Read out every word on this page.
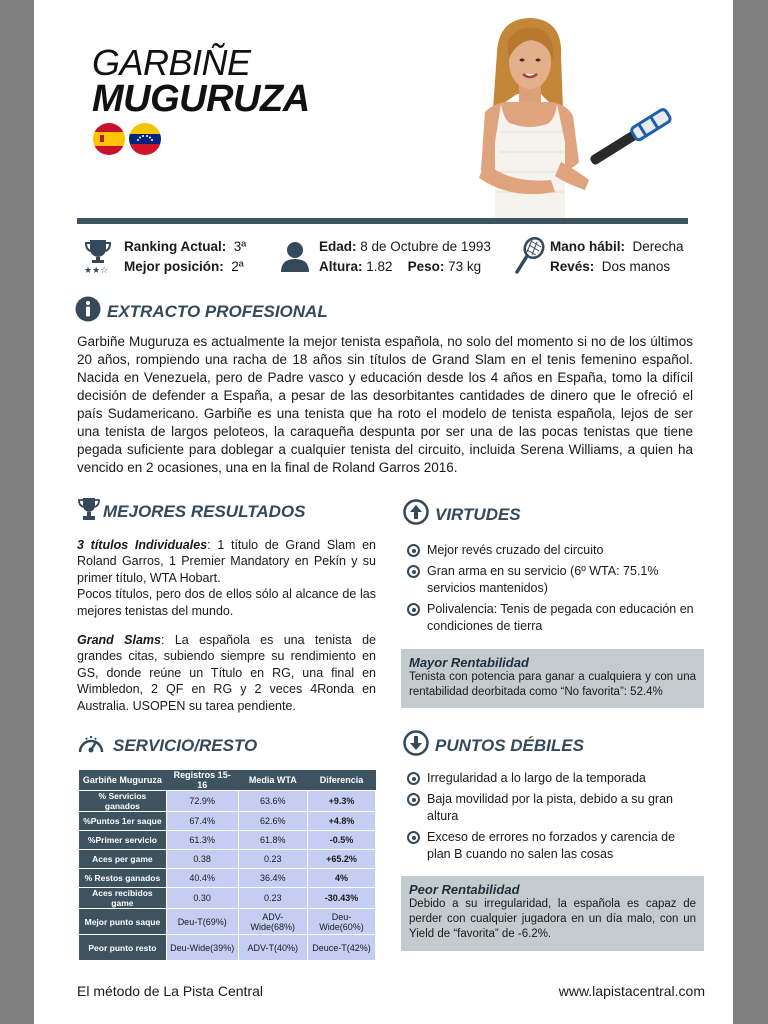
GARBIÑE
MUGURUZA
★★☆
Ranking Actual: 3ª
Mejor posición: 2ª
Edad: 8 de Octubre de 1993
Altura: 1.82 Peso: 73 kg
Mano hábil: Derecha
Revés: Dos manos
EXTRACTO PROFESIONAL
Garbiñe Muguruza es actualmente la mejor tenista española, no solo del momento si no de los últimos 20 años, rompiendo una racha de 18 años sin títulos de Grand Slam en el tenis femenino español. Nacida en Venezuela, pero de Padre vasco y educación desde los 4 años en España, tomo la difícil decisión de defender a España, a pesar de las desorbitantes cantidades de dinero que le ofreció el país Sudamericano. Garbiñe es una tenista que ha roto el modelo de tenista española, lejos de ser una tenista de largos peloteos, la caraqueña despunta por ser una de las pocas tenistas que tiene pegada suficiente para doblegar a cualquier tenista del circuito, incluida Serena Williams, a quien ha vencido en 2 ocasiones, una en la final de Roland Garros 2016.
MEJORES RESULTADOS
3 títulos Individuales: 1 título de Grand Slam en Roland Garros, 1 Premier Mandatory en Pekín y su primer título, WTA Hobart.
Pocos títulos, pero dos de ellos sólo al alcance de las mejores tenistas del mundo.
Grand Slams: La española es una tenista de grandes citas, subiendo siempre su rendimiento en GS, donde reúne un Título en RG, una final en Wimbledon, 2 QF en RG y 2 veces 4Ronda en Australia. USOPEN su tarea pendiente.
VIRTUDES
Mejor revés cruzado del circuito
Gran arma en su servicio (6º WTA: 75.1% servicios mantenidos)
Polivalencia: Tenis de pegada con educación en condiciones de tierra
Mayor Rentabilidad
Tenista con potencia para ganar a cualquiera y con una rentabilidad deorbitada como “No favorita”: 52.4%
SERVICIO/RESTO
Garbiñe Muguruza	Registros 15-16	Media WTA	Diferencia
% Servicios ganados	72.9%	63.6%	+9.3%
%Puntos 1er saque	67.4%	62.6%	+4.8%
%Primer servicio	61.3%	61.8%	-0.5%
Aces per game	0.38	0.23	+65.2%
% Restos ganados	40.4%	36.4%	4%
Aces recibidos game	0.30	0.23	-30.43%
Mejor punto saque	Deu-T(69%)	ADV-Wide(68%)	Deu-Wide(60%)
Peor punto resto	Deu-Wide(39%)	ADV-T(40%)	Deuce-T(42%)
PUNTOS DÉBILES
Irregularidad a lo largo de la temporada
Baja movilidad por la pista, debido a su gran altura
Exceso de errores no forzados y carencia de plan B cuando no salen las cosas
Peor Rentabilidad
Debido a su irregularidad, la española es capaz de perder con cualquier jugadora en un día malo, con un Yield de “favorita” de -6.2%.
El método de La Pista Central	www.lapistacentral.com
